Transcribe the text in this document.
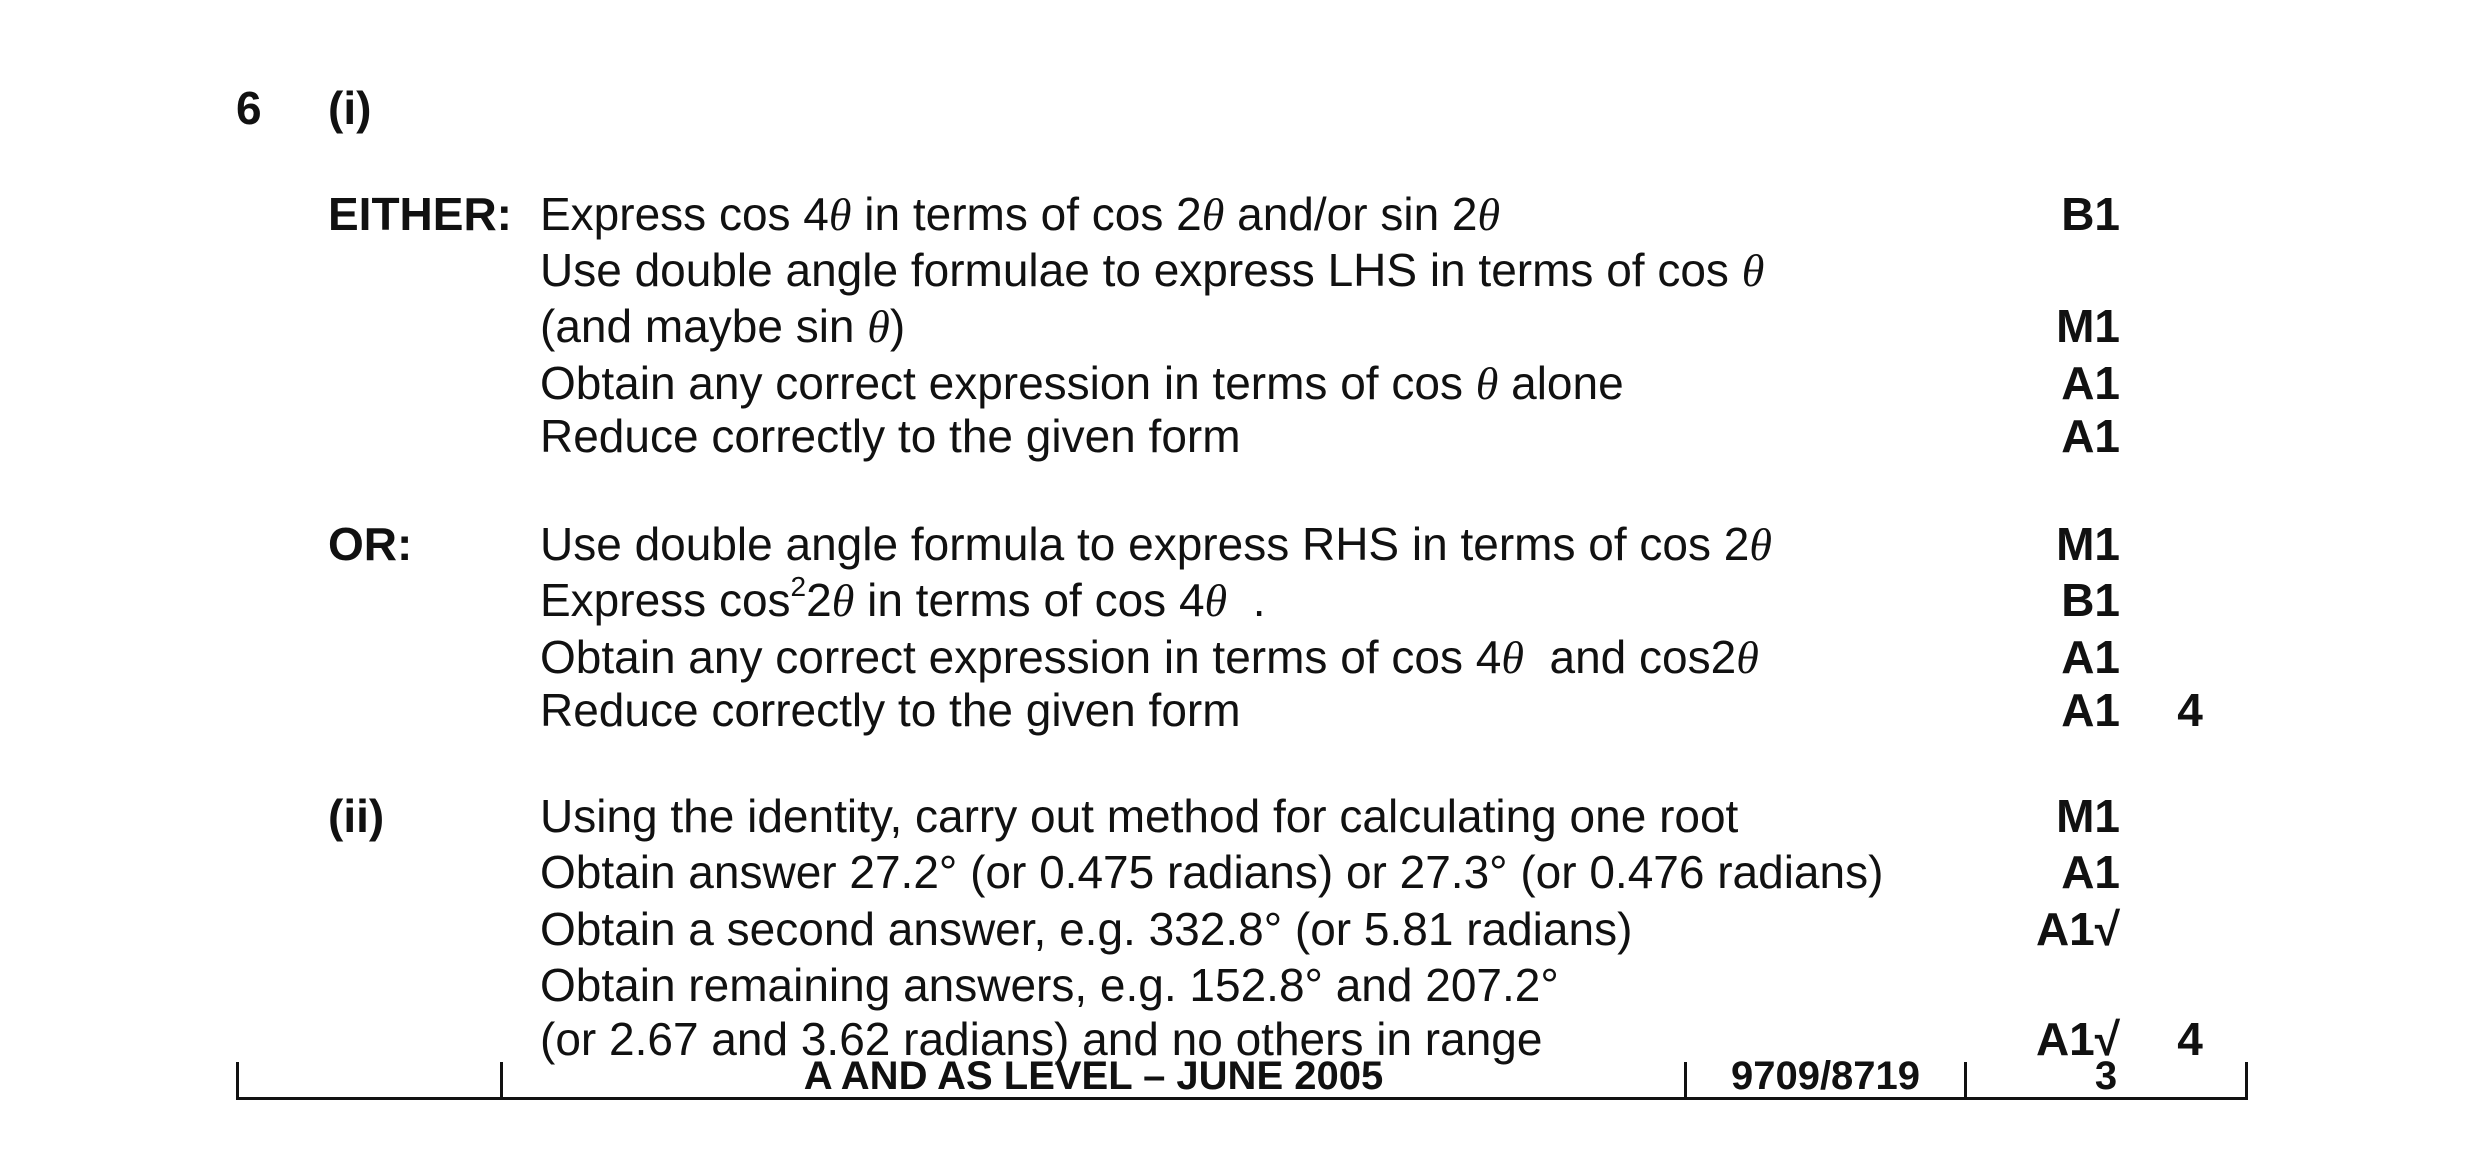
6 (i)
EITHER: Express cos 4θ in terms of cos 2θ and/or sin 2θ	B1
Use double angle formulae to express LHS in terms of cos θ
(and maybe sin θ)	M1
Obtain any correct expression in terms of cos θ alone	A1
Reduce correctly to the given form	A1
OR:	Use double angle formula to express RHS in terms of cos 2θ	M1
Express $\cos^22\theta$ in terms of cos 4θ  .	B1
Obtain any correct expression in terms of cos 4θ  and cos2θ	A1
Reduce correctly to the given form	A1	4
(ii)	Using the identity, carry out method for calculating one root	M1
Obtain answer 27.2° (or 0.475 radians) or 27.3° (or 0.476 radians)	A1
Obtain a second answer, e.g. 332.8° (or 5.81 radians)	A1√
Obtain remaining answers, e.g. 152.8° and 207.2°
(or 2.67 and 3.62 radians) and no others in range	A1√	4
A AND AS LEVEL – JUNE 2005	9709/8719	3
